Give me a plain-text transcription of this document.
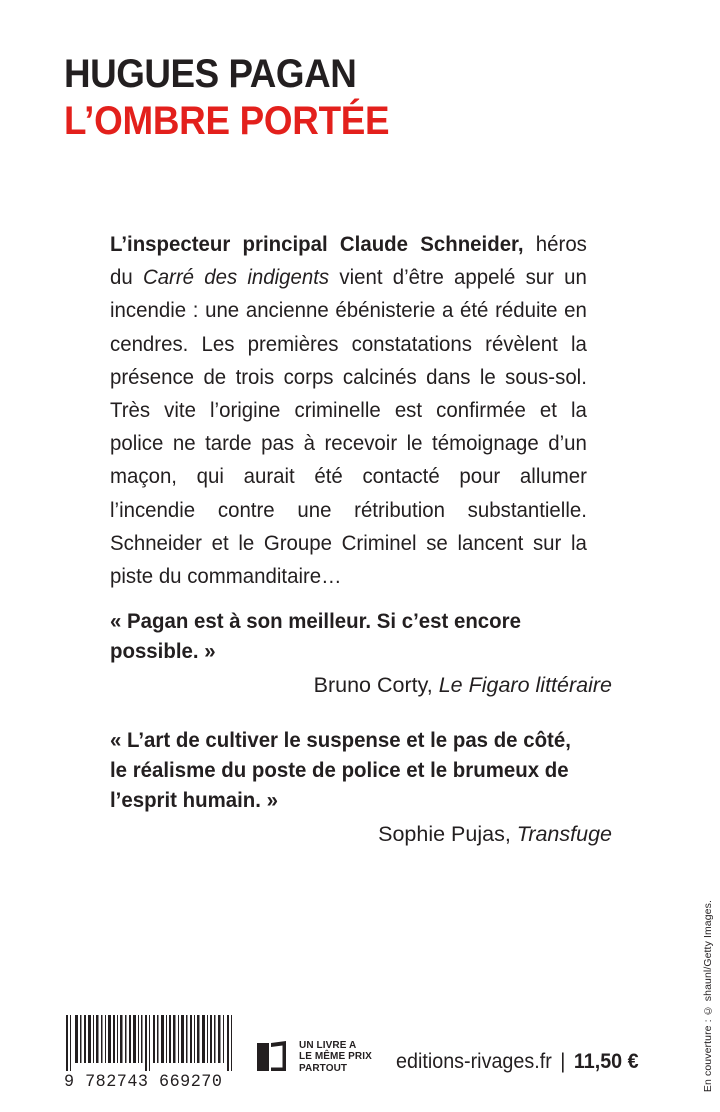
HUGUES PAGAN
L’OMBRE PORTÉE
L’inspecteur principal Claude Schneider, héros du Carré des indigents vient d’être appelé sur un incendie : une ancienne ébénisterie a été réduite en cendres. Les premières constatations révèlent la présence de trois corps calcinés dans le sous-sol. Très vite l’origine criminelle est confirmée et la police ne tarde pas à recevoir le témoignage d’un maçon, qui aurait été contacté pour allumer l’incendie contre une rétribution substantielle. Schneider et le Groupe Criminel se lancent sur la piste du commanditaire…
« Pagan est à son meilleur. Si c’est encore possible. »
Bruno Corty, Le Figaro littéraire
« L’art de cultiver le suspense et le pas de côté, le réalisme du poste de police et le brumeux de l’esprit humain. »
Sophie Pujas, Transfuge
En couverture : © shaunl/Getty Images.
9 782743 669270
UN LIVRE A
LE MÊME PRIX
PARTOUT	editions-rivages.fr | 11,50 €
